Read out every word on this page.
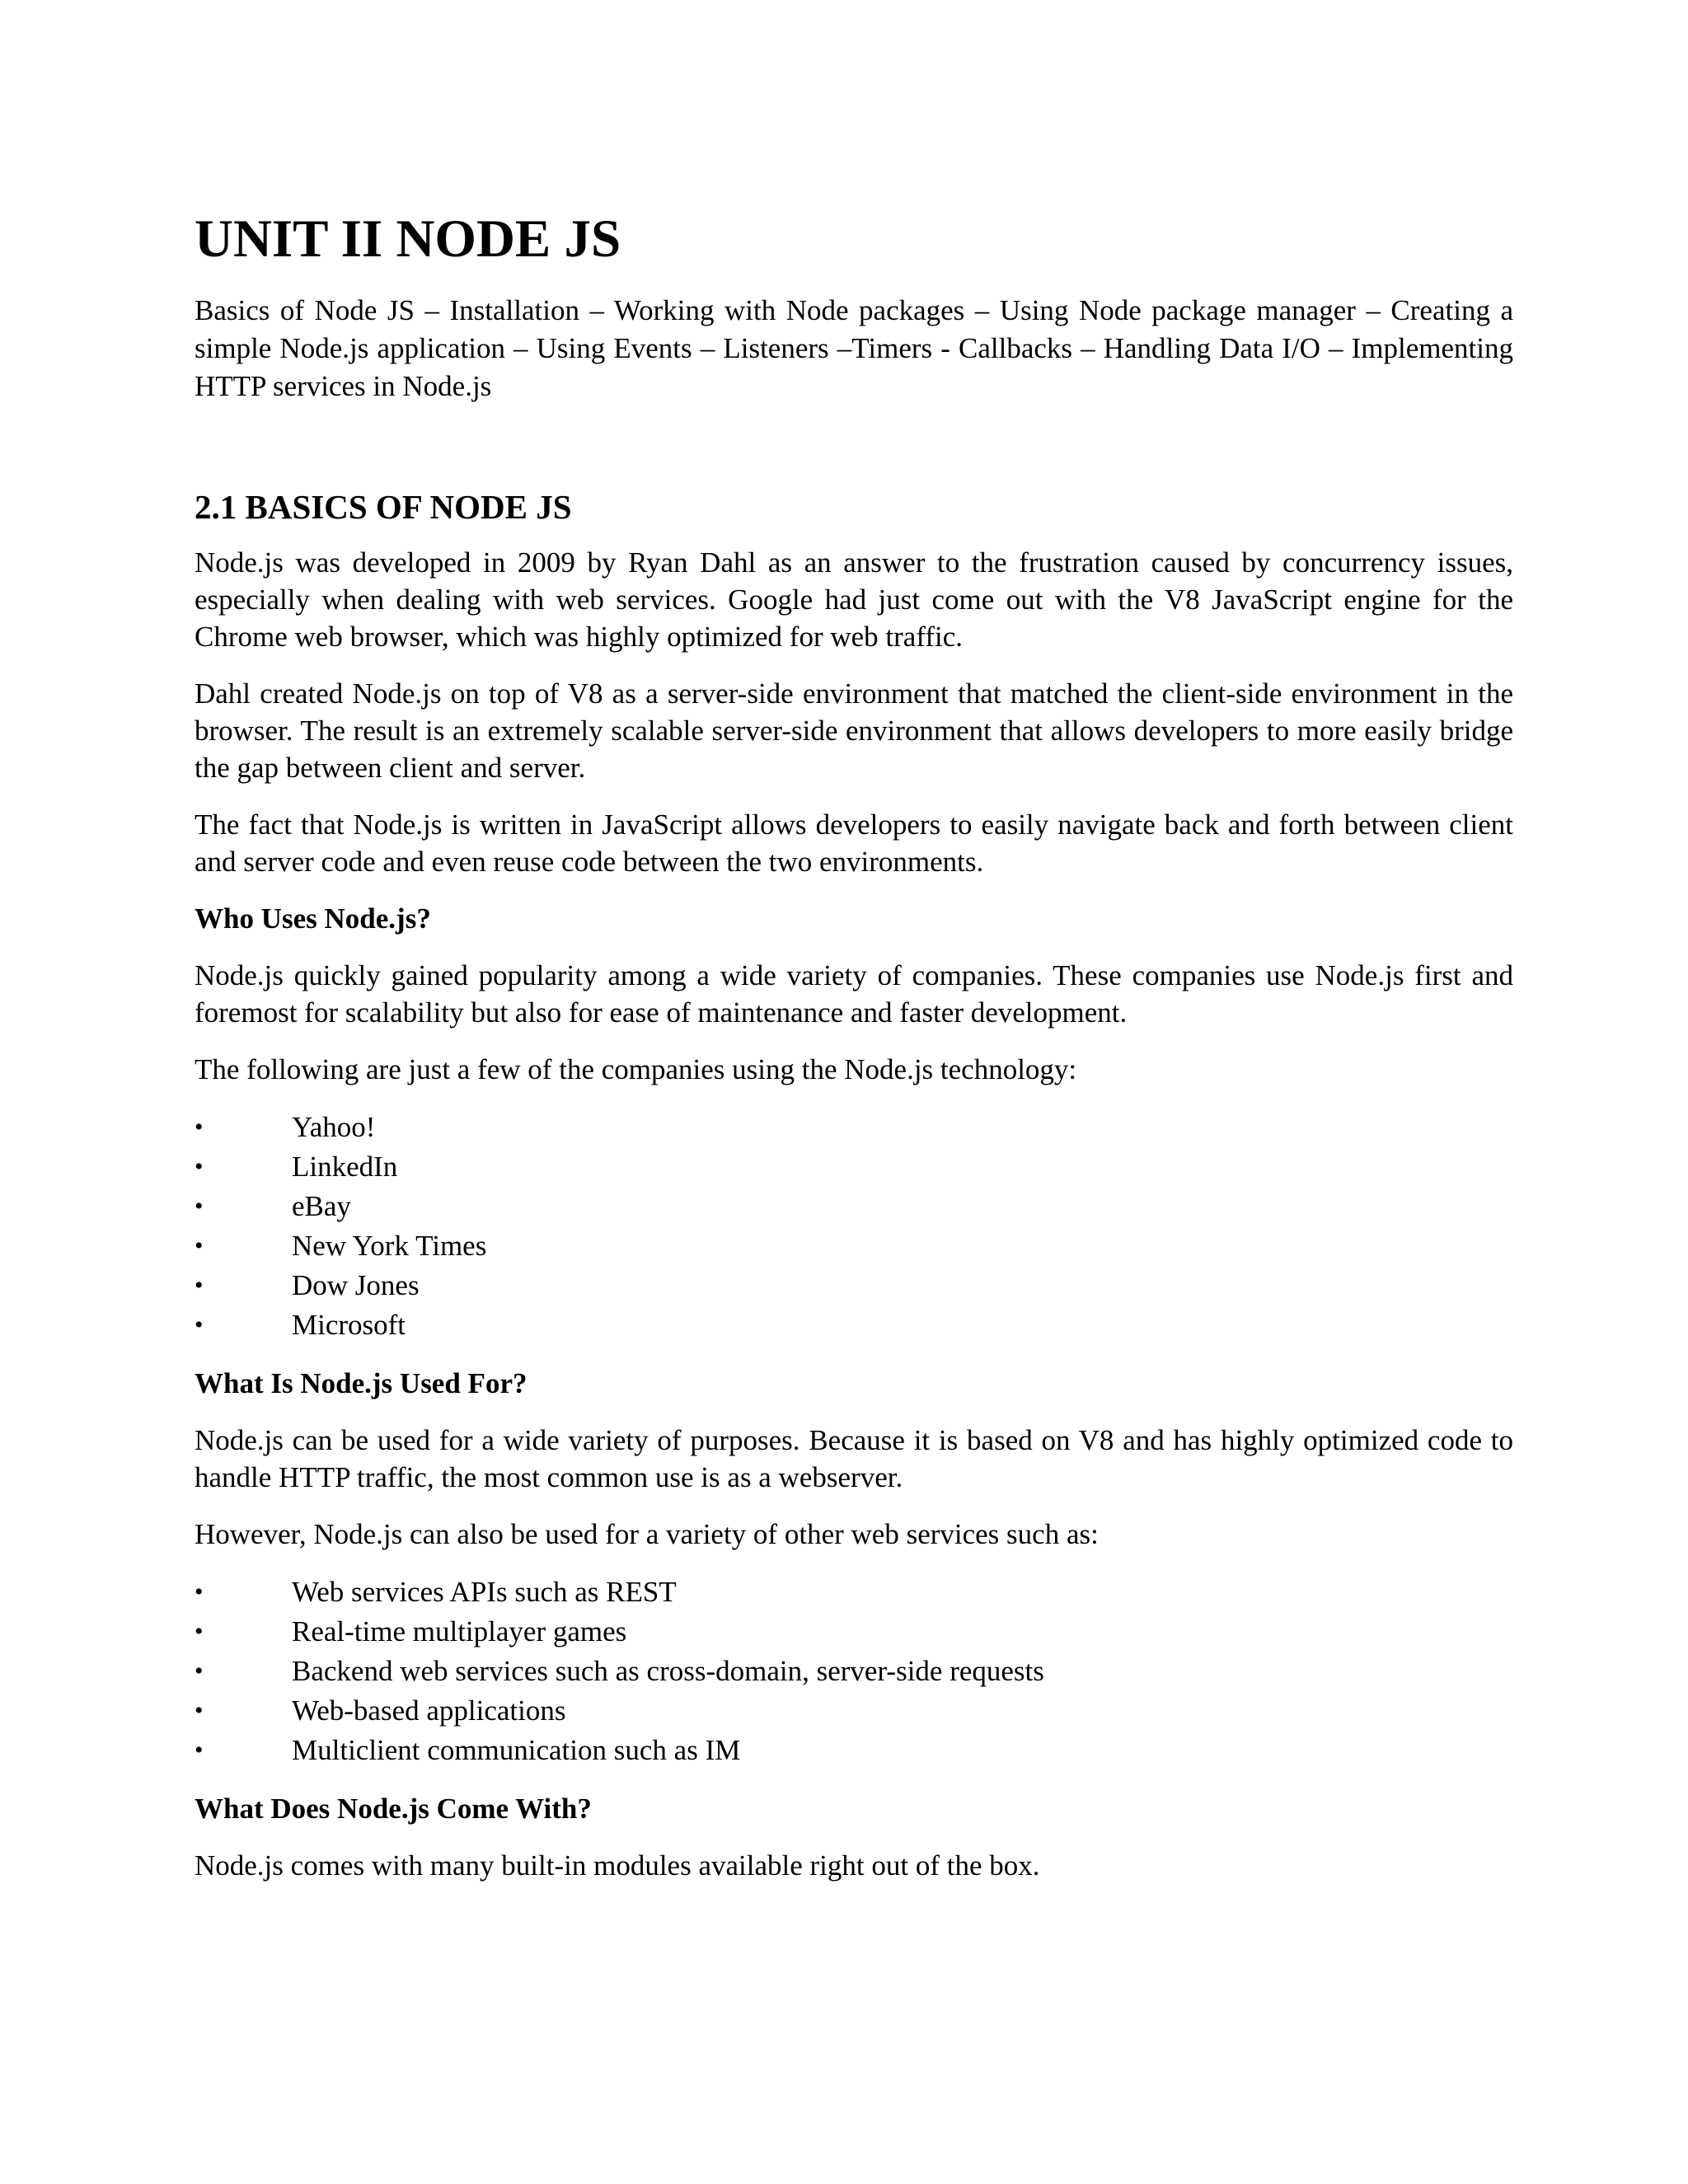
UNIT II NODE JS

Basics of Node JS – Installation – Working with Node packages – Using Node package manager – Creating a simple Node.js application – Using Events – Listeners –Timers - Callbacks – Handling Data I/O – Implementing HTTP services in Node.js

2.1 BASICS OF NODE JS

Node.js was developed in 2009 by Ryan Dahl as an answer to the frustration caused by concurrency issues, especially when dealing with web services. Google had just come out with the V8 JavaScript engine for the Chrome web browser, which was highly optimized for web traffic.

Dahl created Node.js on top of V8 as a server-side environment that matched the client-side environment in the browser. The result is an extremely scalable server-side environment that allows developers to more easily bridge the gap between client and server.

The fact that Node.js is written in JavaScript allows developers to easily navigate back and forth between client and server code and even reuse code between the two environments.

Who Uses Node.js?

Node.js quickly gained popularity among a wide variety of companies. These companies use Node.js first and foremost for scalability but also for ease of maintenance and faster development.

The following are just a few of the companies using the Node.js technology:

•	Yahoo!
•	LinkedIn
•	eBay
•	New York Times
•	Dow Jones
•	Microsoft
What Is Node.js Used For?

Node.js can be used for a wide variety of purposes. Because it is based on V8 and has highly optimized code to handle HTTP traffic, the most common use is as a webserver.

However, Node.js can also be used for a variety of other web services such as:

•	Web services APIs such as REST
•	Real-time multiplayer games
•	Backend web services such as cross-domain, server-side requests
•	Web-based applications
•	Multiclient communication such as IM
What Does Node.js Come With?

Node.js comes with many built-in modules available right out of the box.
